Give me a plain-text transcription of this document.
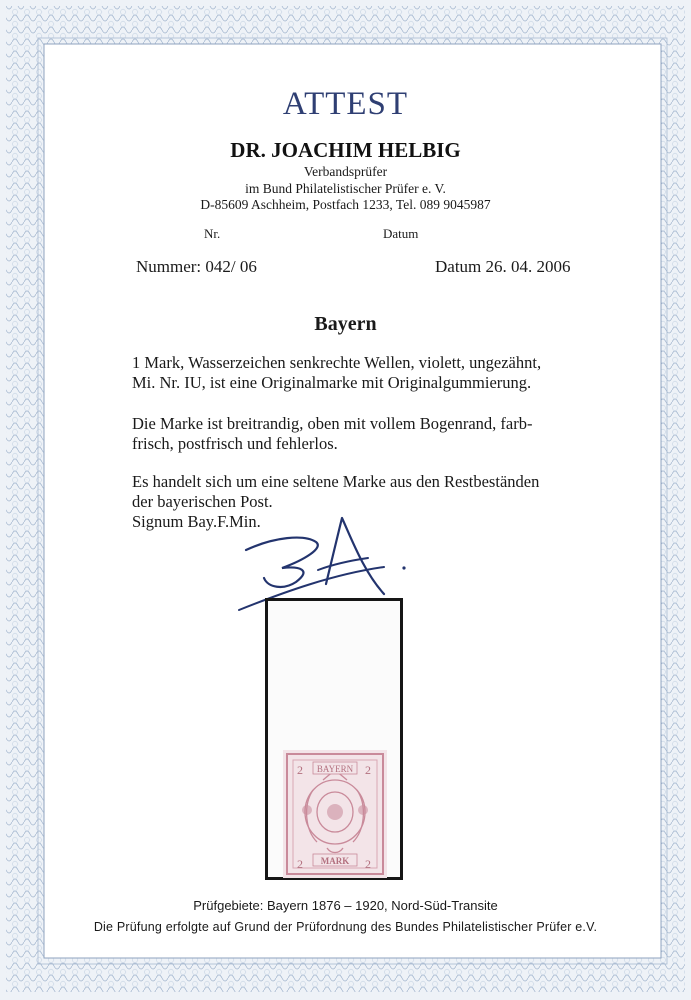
ATTEST
DR. JOACHIM HELBIG
Verbandsprüfer
im Bund Philatelistischer Prüfer e. V.
D-85609 Aschheim, Postfach 1233, Tel. 089 9045987
Nr.	Datum
Nummer: 042/ 06	Datum 26. 04. 2006
Bayern

1 Mark, Wasserzeichen senkrechte Wellen, violett, ungezähnt,

Mi. Nr. IU, ist eine Originalmarke mit Originalgummierung.

Die Marke ist breitrandig, oben mit vollem Bogenrand, farb-

frisch, postfrisch und fehlerlos.

Es handelt sich um eine seltene Marke aus den Restbeständen

der bayerischen Post.

Signum Bay.F.Min.

BAYERN
MARK
2	2
2	2
Prüfgebiete: Bayern 1876 – 1920, Nord-Süd-Transite
Die Prüfung erfolgte auf Grund der Prüfordnung des Bundes Philatelistischer Prüfer e.V.
